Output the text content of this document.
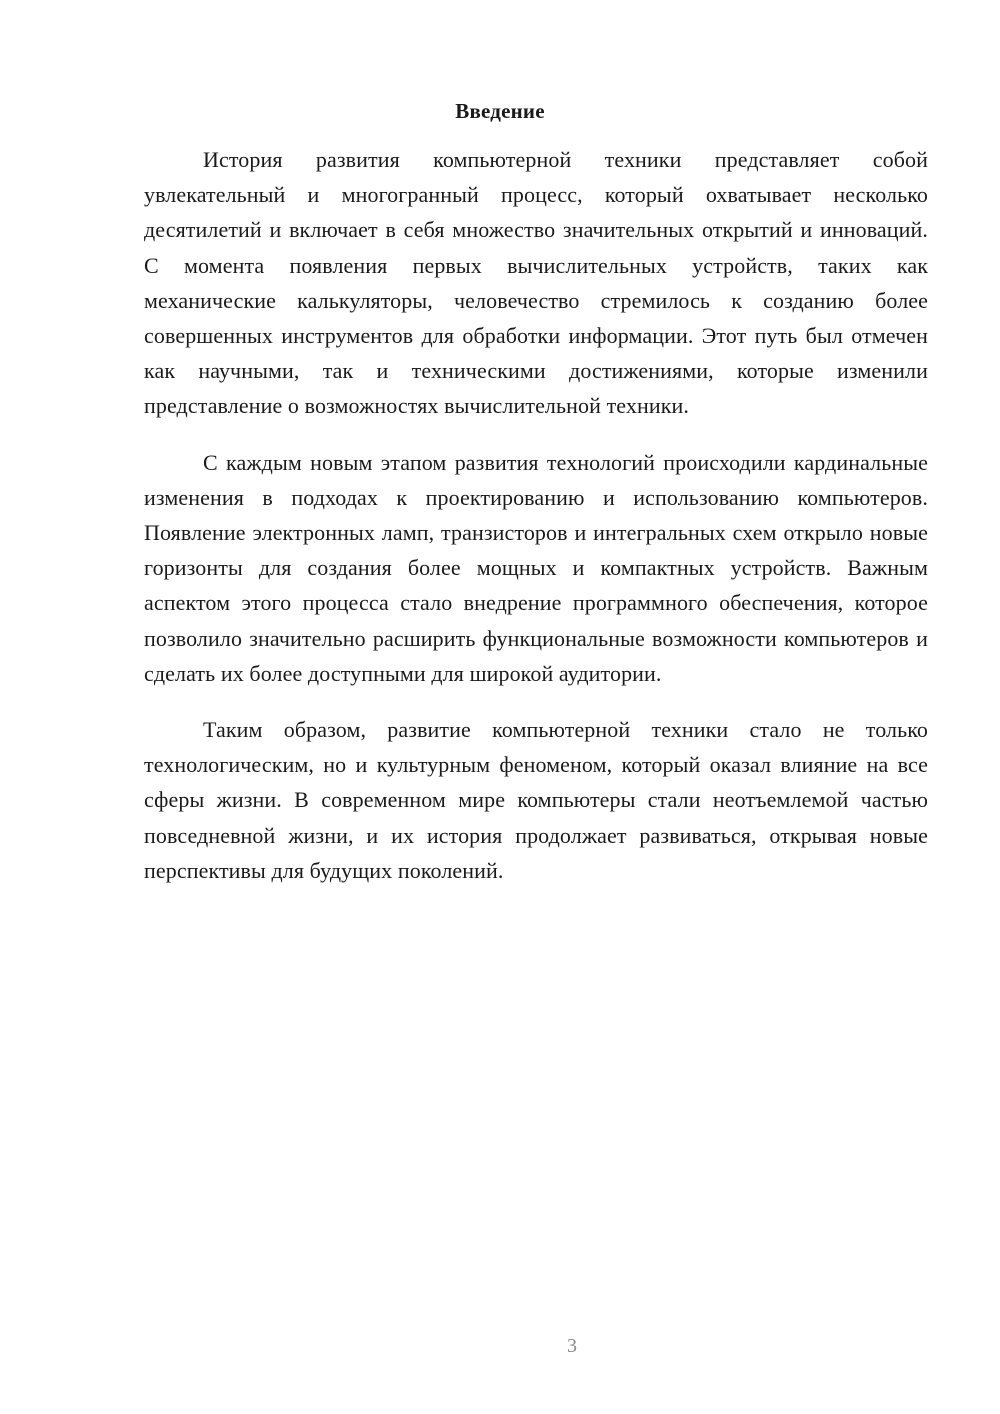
Введение

История развития компьютерной техники представляет собой увлекательный и многогранный процесс, который охватывает несколько десятилетий и включает в себя множество значительных открытий и инноваций. С момента появления первых вычислительных устройств, таких как механические калькуляторы, человечество стремилось к созданию более совершенных инструментов для обработки информации. Этот путь был отмечен как научными, так и техническими достижениями, которые изменили представление о возможностях вычислительной техники.

С каждым новым этапом развития технологий происходили кардинальные изменения в подходах к проектированию и использованию компьютеров. Появление электронных ламп, транзисторов и интегральных схем открыло новые горизонты для создания более мощных и компактных устройств. Важным аспектом этого процесса стало внедрение программного обеспечения, которое позволило значительно расширить функциональные возможности компьютеров и сделать их более доступными для широкой аудитории.

Таким образом, развитие компьютерной техники стало не только технологическим, но и культурным феноменом, который оказал влияние на все сферы жизни. В современном мире компьютеры стали неотъемлемой частью повседневной жизни, и их история продолжает развиваться, открывая новые перспективы для будущих поколений.

3
